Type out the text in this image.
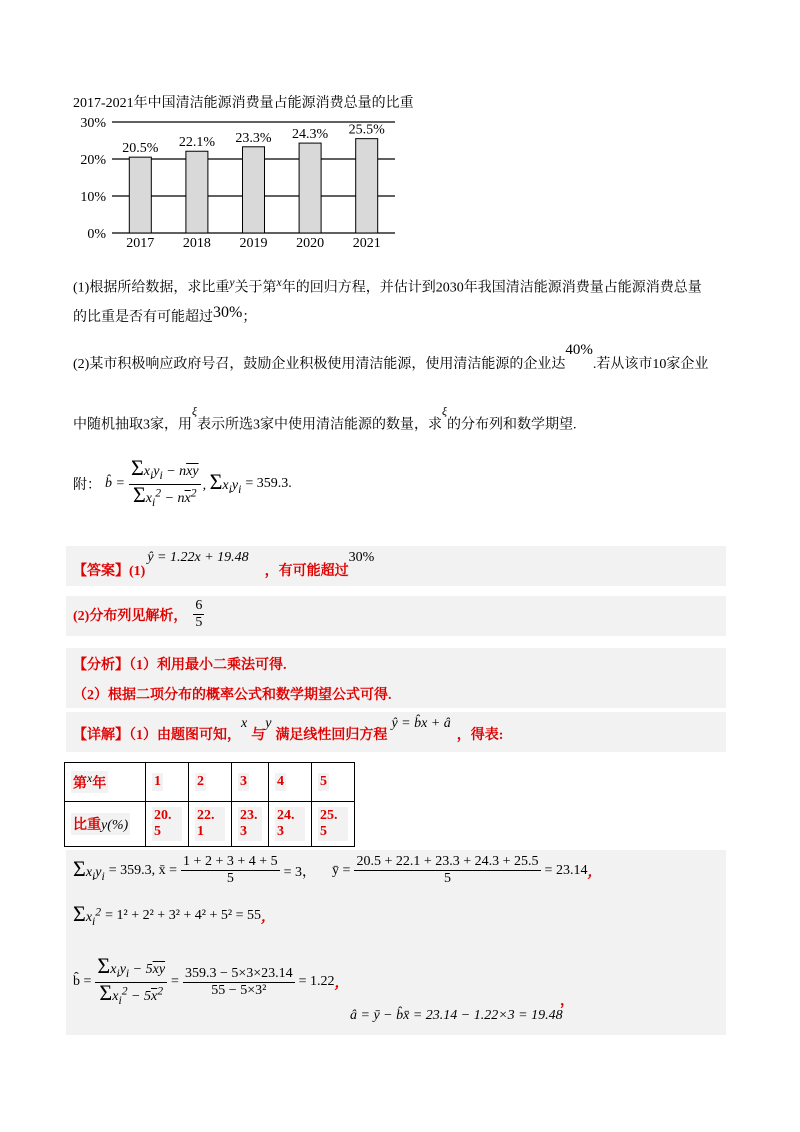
2017-2021年中国清洁能源消费量占能源消费总量的比重
0%
10%
20%
30%
20.5%
2017
22.1%
2018
23.3%
2019
24.3%
2020
25.5%
2021
(1)根据所给数据，求比重$^y$关于第$^x$年的回归方程，并估计到2030年我国清洁能源消费量占能源消费总量
的比重是否有可能超过30%；
(2)某市积极响应政府号召，鼓励企业积极使用清洁能源，使用清洁能源的企业达40%.若从该市10家企业
中随机抽取3家，用$^\xi$表示所选3家中使用清洁能源的数量，求$^\xi$的分布列和数学期望.
附： b̂ = $\frac{\Sigma x_iy_i - n\overline{xy}}{\Sigma x_i^2 - n\overline{x}^2}$ , $\Sigma x_iy_i = 359.3$.
【答案】(1)
ŷ = 1.22x + 19.48
，有可能超过
30%
(2)分布列见解析， $\frac{6}{5}$
【分析】（1）利用最小二乘法可得.
（2）根据二项分布的概率公式和数学期望公式可得.
【详解】（1）由题图可知，
x
与
y
满足线性回归方程
ŷ = b̂x + â
，得表:
第$^x$年	1	2	3	4	5
比重y(%)	20. 5	22. 1	23. 3	24. 3	25. 5
$\Sigma x_iy_i = 359.3$, x̄ = $\frac{1 + 2 + 3 + 4 + 5}{5} = 3$， ȳ = $\frac{20.5 + 22.1 + 23.3 + 24.3 + 25.5}{5} = 23.14$ ，
$\Sigma x_i^2 = 1^2 + 2^2 + 3^2 + 4^2 + 5^2 = 55$ ，
b̂ = $\frac{\Sigma x_iy_i - 5\overline{x}\overline{y}}{\Sigma x_i^2 - 5\overline{x}^2} = \frac{359.3 - 5\times 3\times 23.14}{\text{55 − 5×3²}} = 1.22$ ，
，
â = ȳ − b̂x̄ = 23.14 − 1.22×3 = 19.48
